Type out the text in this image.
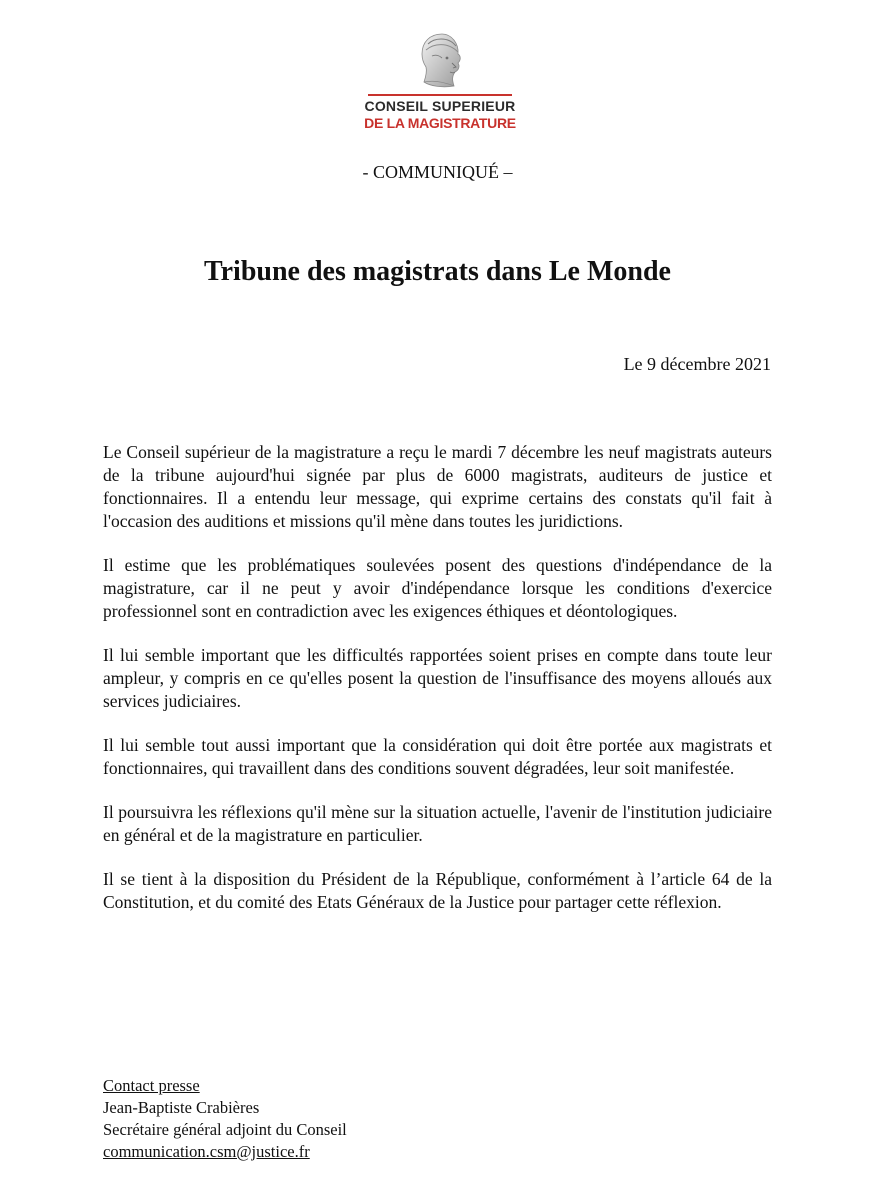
CONSEIL SUPERIEUR
DE LA MAGISTRATURE
- COMMUNIQUÉ –
Tribune des magistrats dans Le Monde
Le 9 décembre 2021

Le Conseil supérieur de la magistrature a reçu le mardi 7 décembre les neuf magistrats auteurs de la tribune aujourd'hui signée par plus de 6000 magistrats, auditeurs de justice et fonctionnaires. Il a entendu leur message, qui exprime certains des constats qu'il fait à l'occasion des auditions et missions qu'il mène dans toutes les juridictions.

Il estime que les problématiques soulevées posent des questions d'indépendance de la magistrature, car il ne peut y avoir d'indépendance lorsque les conditions d'exercice professionnel sont en contradiction avec les exigences éthiques et déontologiques.

Il lui semble important que les difficultés rapportées soient prises en compte dans toute leur ampleur, y compris en ce qu'elles posent la question de l'insuffisance des moyens alloués aux services judiciaires.

Il lui semble tout aussi important que la considération qui doit être portée aux magistrats et fonctionnaires, qui travaillent dans des conditions souvent dégradées, leur soit manifestée.

Il poursuivra les réflexions qu'il mène sur la situation actuelle, l'avenir de l'institution judiciaire en général et de la magistrature en particulier.

Il se tient à la disposition du Président de la République, conformément à l’article 64 de la Constitution, et du comité des Etats Généraux de la Justice pour partager cette réflexion.

Contact presse
Jean-Baptiste Crabières
Secrétaire général adjoint du Conseil
communication.csm@justice.fr
